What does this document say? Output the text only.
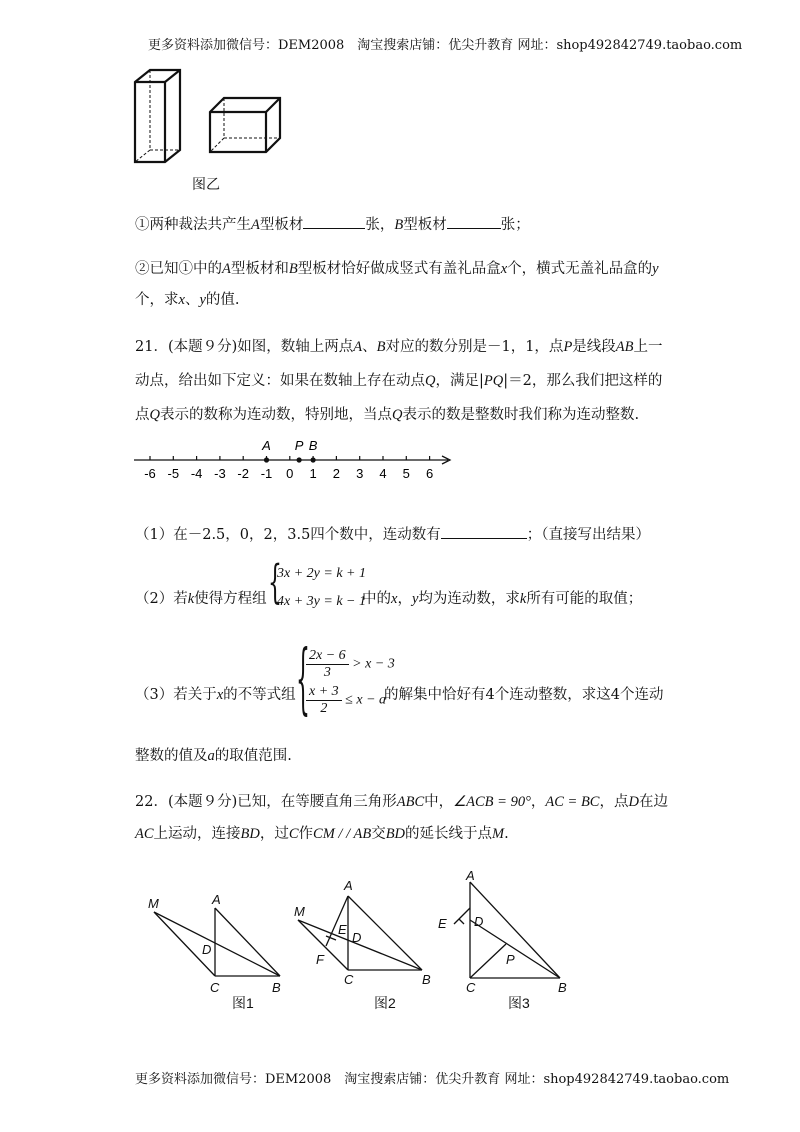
更多资料添加微信号：DEM2008　淘宝搜索店铺：优尖升教育 网址：shop492842749.taobao.com
图乙
①两种裁法共产生A型板材	张，B型板材	张；
②已知①中的A型板材和B型板材恰好做成竖式有盖礼品盒x个，横式无盖礼品盒的y
个，求x、y的值.
21．(本题９分)如图，数轴上两点A、B对应的数分别是－1，1，点P是线段AB上一动点，给出如下定义：如果在数轴上存在动点Q，满足|PQ|＝2，那么我们把这样的点Q表示的数称为连动数，特别地，当点Q表示的数是整数时我们称为连动整数.
-6 -5 -4 -3 -2 -1 0 1 2 3 4 5 6
A P B
（1）在－2.5，0，2，3.5四个数中，连动数有	；（直接写出结果）
（2）若k使得方程组 {
3x + 2y = k + 1
4x + 3y = k − 1
中的x，y均为连动数，求k所有可能的取值；
（3）若关于x的不等式组 {
$\frac{2x - 6}{3} > x - 3$
$\frac{x + 3}{2} \le x - a$
的解集中恰好有4个连动整数，求这4个连动
整数的值及a的取值范围.
22．(本题９分)已知，在等腰直角三角形ABC中，∠ACB = 90°，AC = BC，点D在边AC上运动，连接BD，过C作CM / / AB交BD的延长线于点M.
M	A
D
C	B
A
M
E
D
F
C	B
A
E D
P
C	B
图1	图2	图3
更多资料添加微信号：DEM2008　淘宝搜索店铺：优尖升教育 网址：shop492842749.taobao.com
